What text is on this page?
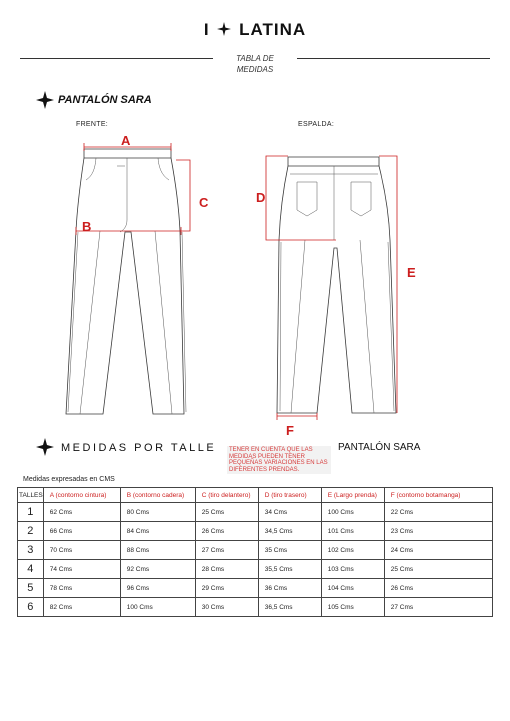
I LATINA
TABLA DE
MEDIDAS
PANTALÓN SARA
FRENTE:	ESPALDA:
A
B
C	D
E
F
MEDIDAS POR TALLE	TENER EN CUENTA QUE LAS MEDIDAS PUEDEN TENER PEQUEÑAS VARIACIONES EN LAS DIFERENTES PRENDAS.
PANTALÓN SARA
Medidas expresadas en CMS
TALLES	A (contorno cintura)	B (contorno cadera)	C (tiro delantero)	D (tiro trasero)	E (Largo prenda)	F (contorno botamanga)
1	62 Cms	80 Cms	25 Cms	34 Cms	100 Cms	22 Cms
2	66 Cms	84 Cms	26 Cms	34,5 Cms	101 Cms	23 Cms
3	70 Cms	88 Cms	27 Cms	35 Cms	102 Cms	24 Cms
4	74 Cms	92 Cms	28 Cms	35,5 Cms	103 Cms	25 Cms
5	78 Cms	96 Cms	29 Cms	36 Cms	104 Cms	26 Cms
6	82 Cms	100 Cms	30 Cms	36,5 Cms	105 Cms	27 Cms
